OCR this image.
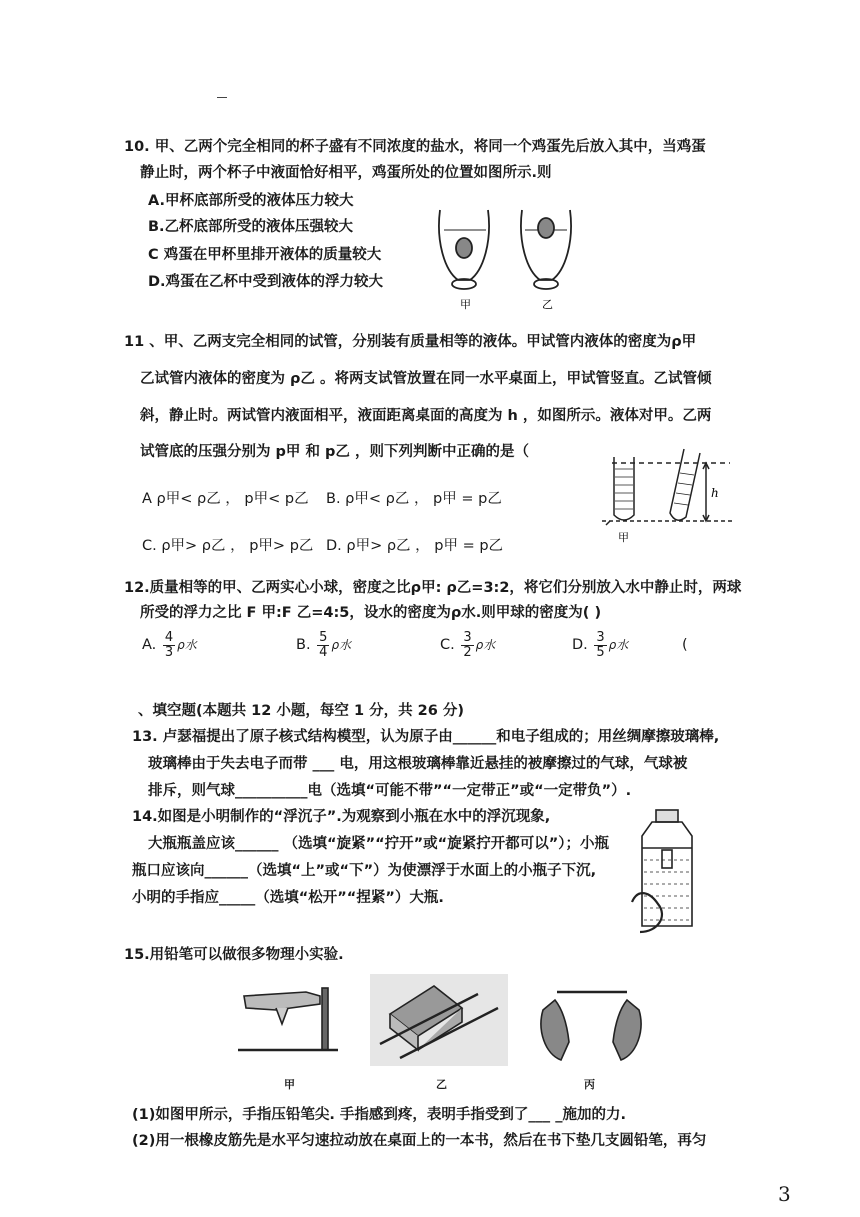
10. 甲、乙两个完全相同的杯子盛有不同浓度的盐水，将同一个鸡蛋先后放入其中，当鸡蛋
静止时，两个杯子中液面恰好相平，鸡蛋所处的位置如图所示.则
A.甲杯底部所受的液体压力较大
B.乙杯底部所受的液体压强较大
C 鸡蛋在甲杯里排开液体的质量较大
D.鸡蛋在乙杯中受到液体的浮力较大
甲	乙
11 、甲、乙两支完全相同的试管，分别装有质量相等的液体。甲试管内液体的密度为ρ甲
乙试管内液体的密度为 ρ乙 。将两支试管放置在同一水平桌面上，甲试管竖直。乙试管倾
斜，静止时。两试管内液面相平，液面距离桌面的高度为 h ，如图所示。液体对甲。乙两
试管底的压强分别为 p甲 和 p乙 ，则下列判断中正确的是（
A ρ甲< ρ乙 ， p甲< p乙 B. ρ甲< ρ乙 ， p甲 = p乙
C. ρ甲> ρ乙 ， p甲> p乙 D. ρ甲> ρ乙 ， p甲 = p乙
h
甲
12.质量相等的甲、乙两实心小球，密度之比ρ甲: ρ乙=3:2，将它们分别放入水中静止时，两球
所受的浮力之比 F 甲:F 乙=4:5，设水的密度为ρ水.则甲球的密度为( )
A. $\frac{4}{3}$ ρ水	B. $\frac{5}{4}$ ρ水	C. $\frac{3}{2}$ ρ水	D. $\frac{3}{5}$ ρ水	(
、填空题(本题共 12 小题，每空 1 分，共 26 分)
13. 卢瑟福提出了原子核式结构模型，认为原子由______和电子组成的；用丝绸摩擦玻璃棒,
玻璃棒由于失去电子而带 ___ 电，用这根玻璃棒靠近悬挂的被摩擦过的气球，气球被
排斥，则气球__________电（选填“可能不带”“一定带正”或“一定带负”）.
14.如图是小明制作的“浮沉子”.为观察到小瓶在水中的浮沉现象,
大瓶瓶盖应该______ （选填“旋紧”“拧开”或“旋紧拧开都可以”）；小瓶
瓶口应该向______（选填“上”或“下”）为使漂浮于水面上的小瓶子下沉,
小明的手指应_____（选填“松开”“捏紧”）大瓶.
15.用铅笔可以做很多物理小实验.
甲	乙	丙
(1)如图甲所示，手指压铅笔尖. 手指感到疼，表明手指受到了___ _施加的力.
(2)用一根橡皮筋先是水平匀速拉动放在桌面上的一本书，然后在书下垫几支圆铅笔，再匀
3
